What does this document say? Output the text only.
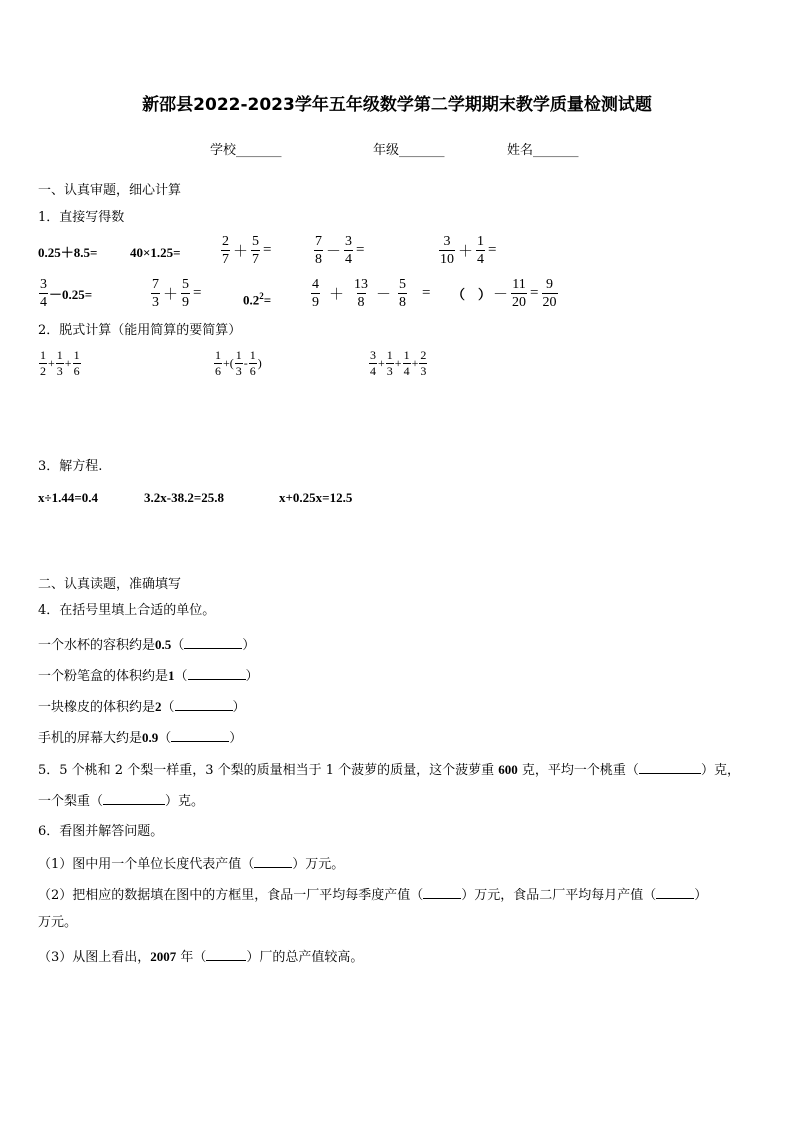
新邵县2022-2023学年五年级数学第二学期期末教学质量检测试题
学校_______	年级_______	姓名_______
一、认真审题，细心计算
1．直接写得数
0.25＋8.5=	40×1.25=	$\frac{2}{7} + \frac{5}{7}$ =	$\frac{7}{8} - \frac{3}{4}$ =	$\frac{3}{10} + \frac{1}{4}$ =
$\frac{3}{4} -0.25=$	$\frac{7}{3} + \frac{5}{9}$ =	$0.2^2=$	$\frac{4}{9} + \frac{13}{8} - \frac{5}{8}$ = （　） － $\frac{11}{20} = \frac{9}{20}$
2．脱式计算（能用简算的要简算）
$\frac{1}{2} + \frac{1}{3} + \frac{1}{6}$	$\frac{1}{6}$ +( $\frac{1}{3} - \frac{1}{6}$ )	$\frac{3}{4} + \frac{1}{3} + \frac{1}{4} + \frac{2}{3}$
3．解方程.
x÷1.44=0.4	3.2x-38.2=25.8	x+0.25x=12.5
二、认真读题，准确填写
4．在括号里填上合适的单位。
一个水杯的容积约是0.5（	）
一个粉笔盒的体积约是1（	）
一块橡皮的体积约是2（	）
手机的屏幕大约是0.9（	）
5．5 个桃和 2 个梨一样重，3 个梨的质量相当于 1 个菠萝的质量，这个菠萝重 600 克，平均一个桃重（	）克，
一个梨重（	）克。
6．看图并解答问题。
（1）图中用一个单位长度代表产值（	）万元。
（2）把相应的数据填在图中的方框里，食品一厂平均每季度产值（	）万元，食品二厂平均每月产值（	）
万元。
（3）从图上看出，2007 年（	）厂的总产值较高。
